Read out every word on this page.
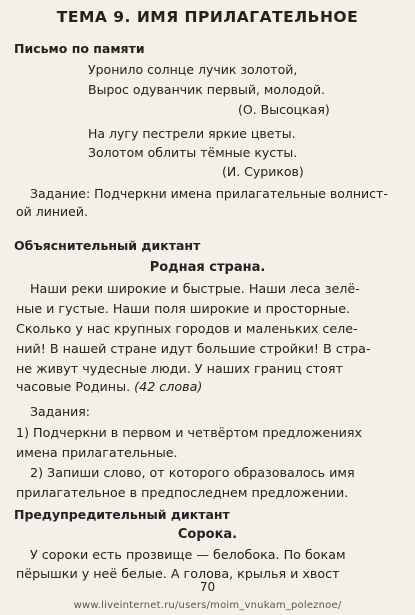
ТЕМА 9. ИМЯ ПРИЛАГАТЕЛЬНОЕ
Письмо по памяти
Уронило солнце лучик золотой,
Вырос одуванчик первый, молодой.
(О. Высоцкая)
На лугу пестрели яркие цветы.
Золотом облиты тёмные кусты.
(И. Суриков)
Задание: Подчеркни имена прилагательные волнист-
ой линией.
Объяснительный диктант
Родная страна.
Наши реки широкие и быстрые. Наши леса зелё-
ные и густые. Наши поля широкие и просторные.
Сколько у нас крупных городов и маленьких селе-
ний! В нашей стране идут большие стройки! В стра-
не живут чудесные люди. У наших границ стоят
часовые Родины. (42 слова)
Задания:
1) Подчеркни в первом и четвёртом предложениях
имена прилагательные.
2) Запиши слово, от которого образовалось имя
прилагательное в предпоследнем предложении.
Предупредительный диктант
Сорока.
У сороки есть прозвище — белобока. По бокам
пёрышки у неё белые. А голова, крылья и хвост
70
www.liveinternet.ru/users/moim_vnukam_poleznoe/
